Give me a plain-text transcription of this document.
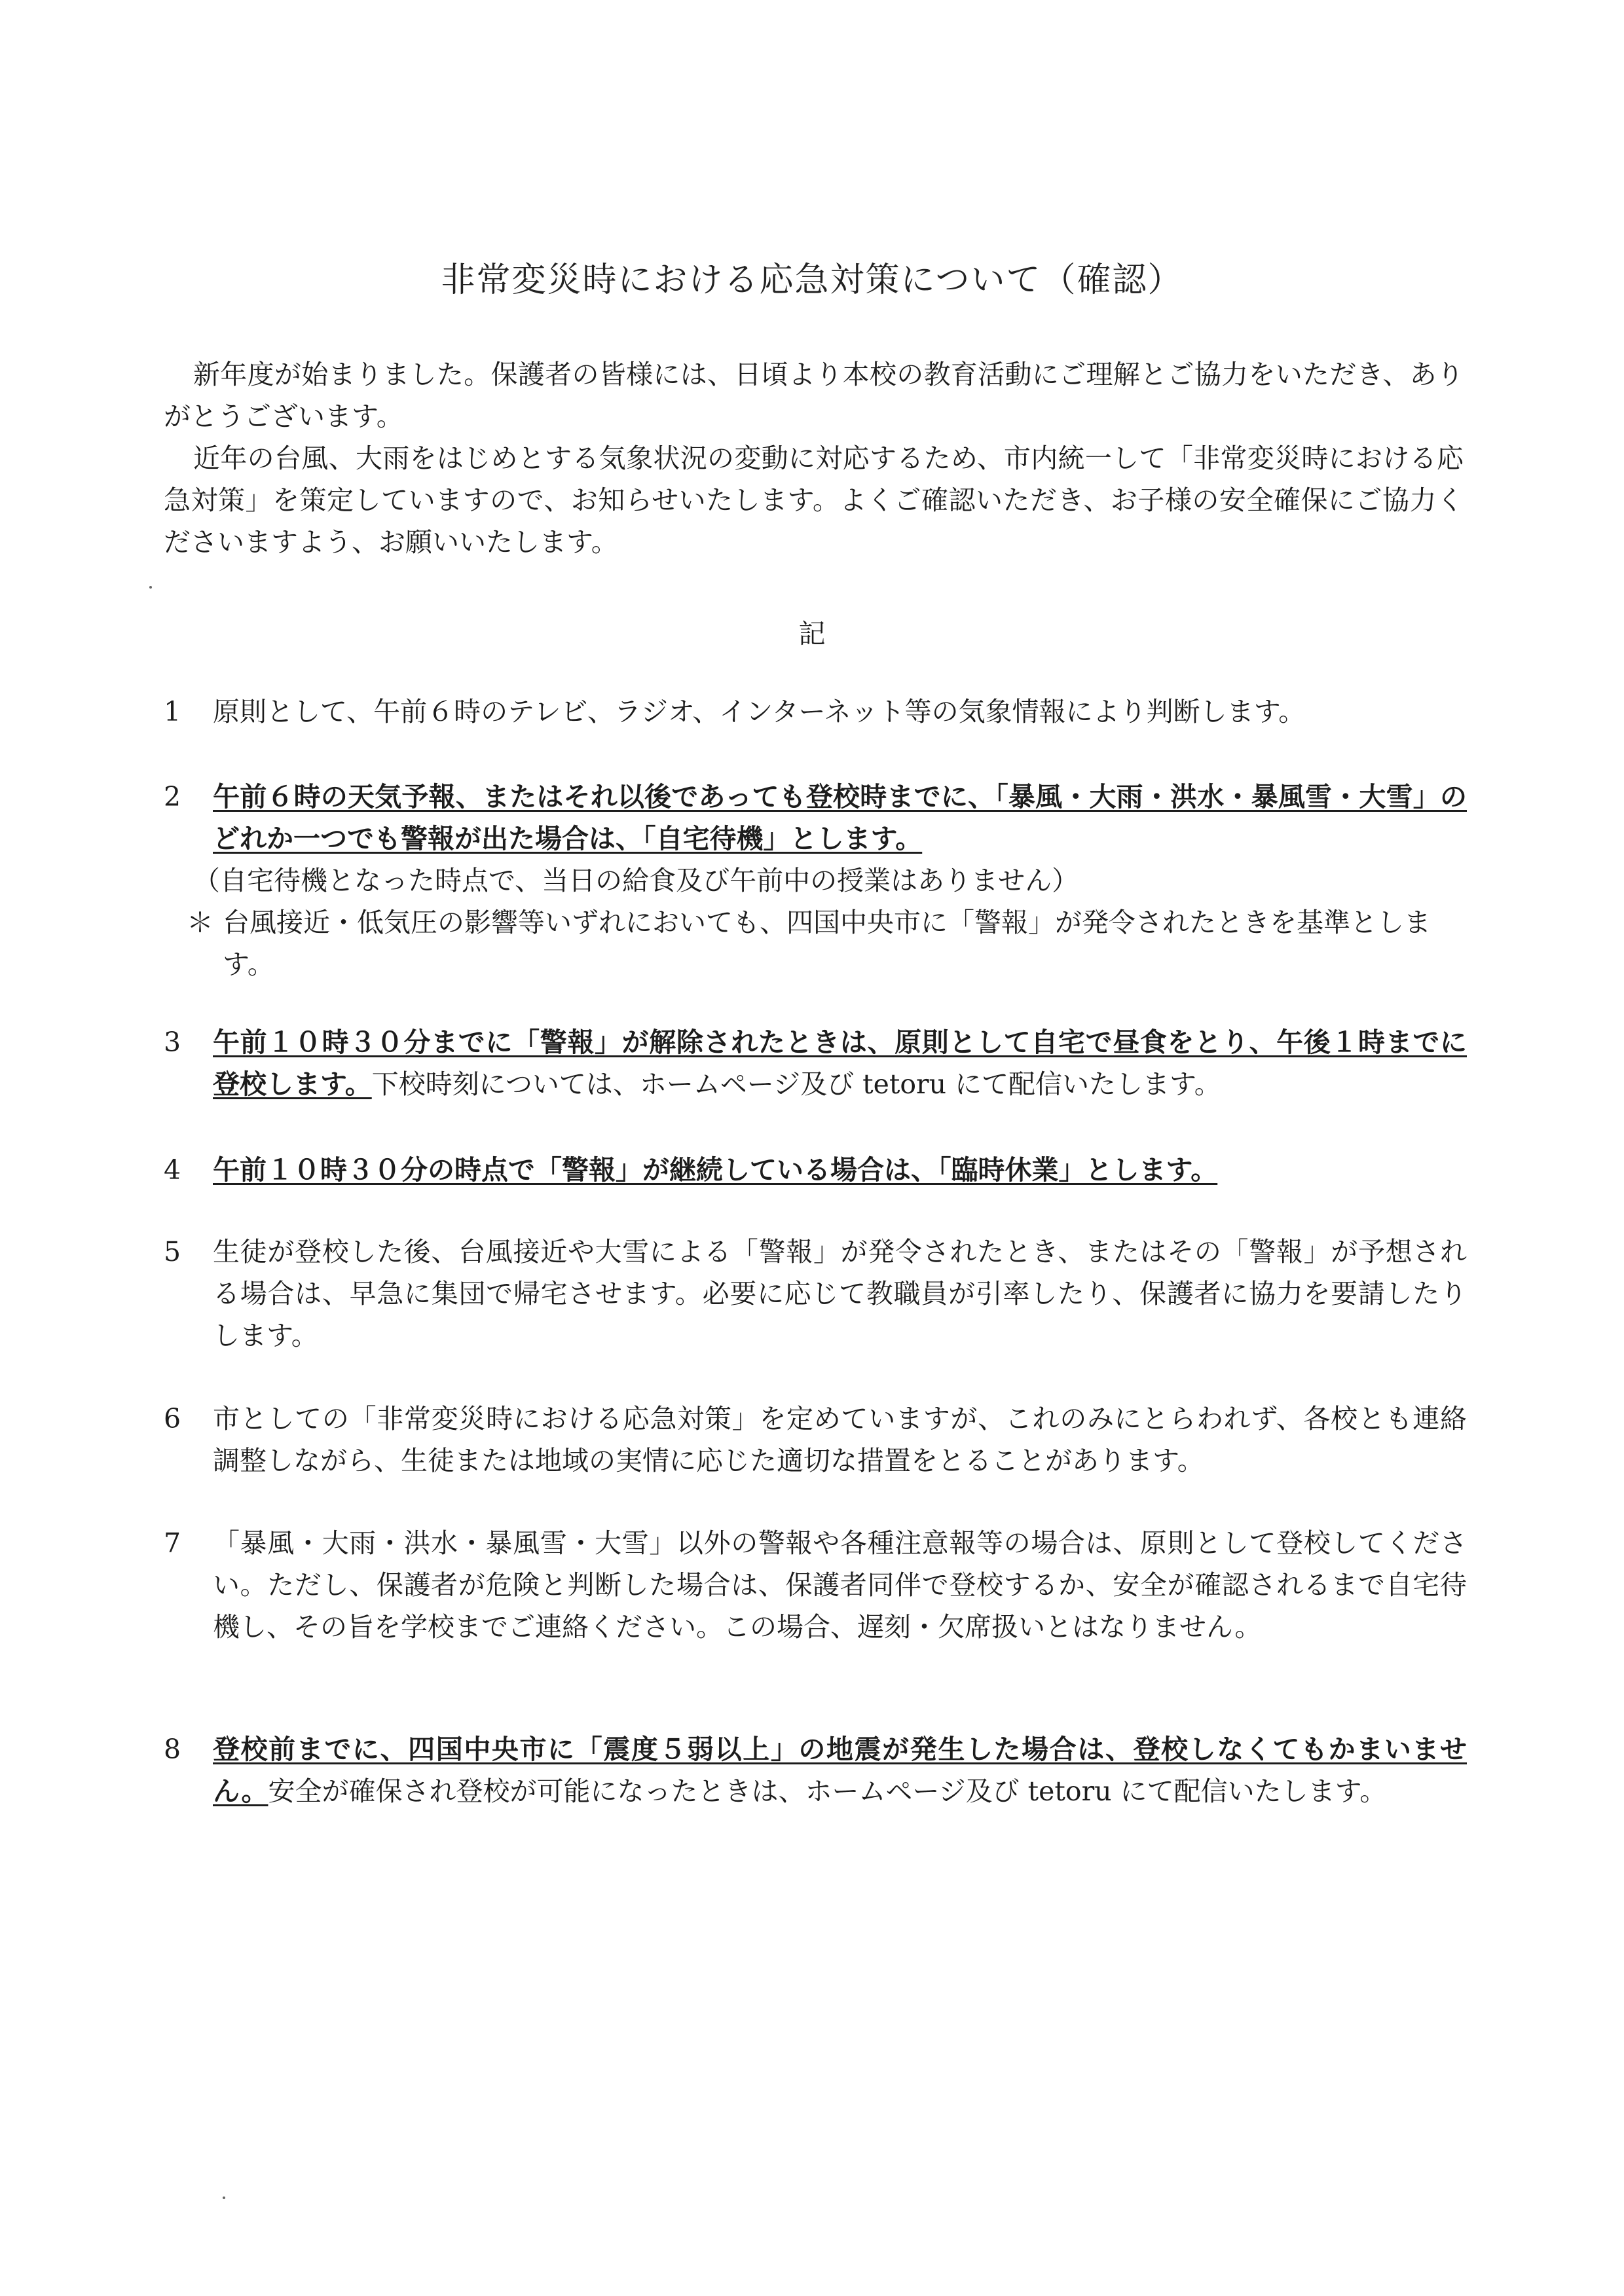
非常変災時における応急対策について（確認）

新年度が始まりました。保護者の皆様には、日頃より本校の教育活動にご理解とご協力をいただき、ありがとうございます。

近年の台風、大雨をはじめとする気象状況の変動に対応するため、市内統一して「非常変災時における応急対策」を策定していますので、お知らせいたします。よくご確認いただき、お子様の安全確保にご協力くださいますよう、お願いいたします。

記
1	原則として、午前６時のテレビ、ラジオ、インターネット等の気象情報により判断します。
2	午前６時の天気予報、またはそれ以後であっても登校時までに、「暴風・大雨・洪水・暴風雪・大雪」のどれか一つでも警報が出た場合は、「自宅待機」とします。
（自宅待機となった時点で、当日の給食及び午前中の授業はありません）
＊ 台風接近・低気圧の影響等いずれにおいても、四国中央市に「警報」が発令されたときを基準とします。
3	午前１０時３０分までに「警報」が解除されたときは、原則として自宅で昼食をとり、午後１時までに登校します。下校時刻については、ホームページ及び tetoru にて配信いたします。
4	午前１０時３０分の時点で「警報」が継続している場合は、「臨時休業」とします。
5	生徒が登校した後、台風接近や大雪による「警報」が発令されたとき、またはその「警報」が予想される場合は、早急に集団で帰宅させます。必要に応じて教職員が引率したり、保護者に協力を要請したりします。
6	市としての「非常変災時における応急対策」を定めていますが、これのみにとらわれず、各校とも連絡調整しながら、生徒または地域の実情に応じた適切な措置をとることがあります。
7	「暴風・大雨・洪水・暴風雪・大雪」以外の警報や各種注意報等の場合は、原則として登校してください。ただし、保護者が危険と判断した場合は、保護者同伴で登校するか、安全が確認されるまで自宅待機し、その旨を学校までご連絡ください。この場合、遅刻・欠席扱いとはなりません。
8	登校前までに、四国中央市に「震度５弱以上」の地震が発生した場合は、登校しなくてもかまいません。安全が確保され登校が可能になったときは、ホームページ及び tetoru にて配信いたします。
